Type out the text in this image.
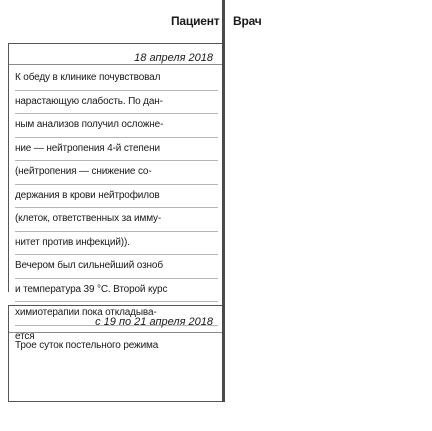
Пациент Врач
18 апреля 2018
К обеду в клинике почувствовал
нарастающую слабость. По дан-
ным анализов получил осложне-
ние — нейтропения 4-й степени
(нейтропения — снижение со-
держания в крови нейтрофилов
(клеток, ответственных за имму-
нитет против инфекций)).
Вечером был сильнейший озноб
и температура 39 °C. Второй курс
химиотерапии пока откладыва-
ется
с 19 по 21 апреля 2018
Трое суток постельного режима
